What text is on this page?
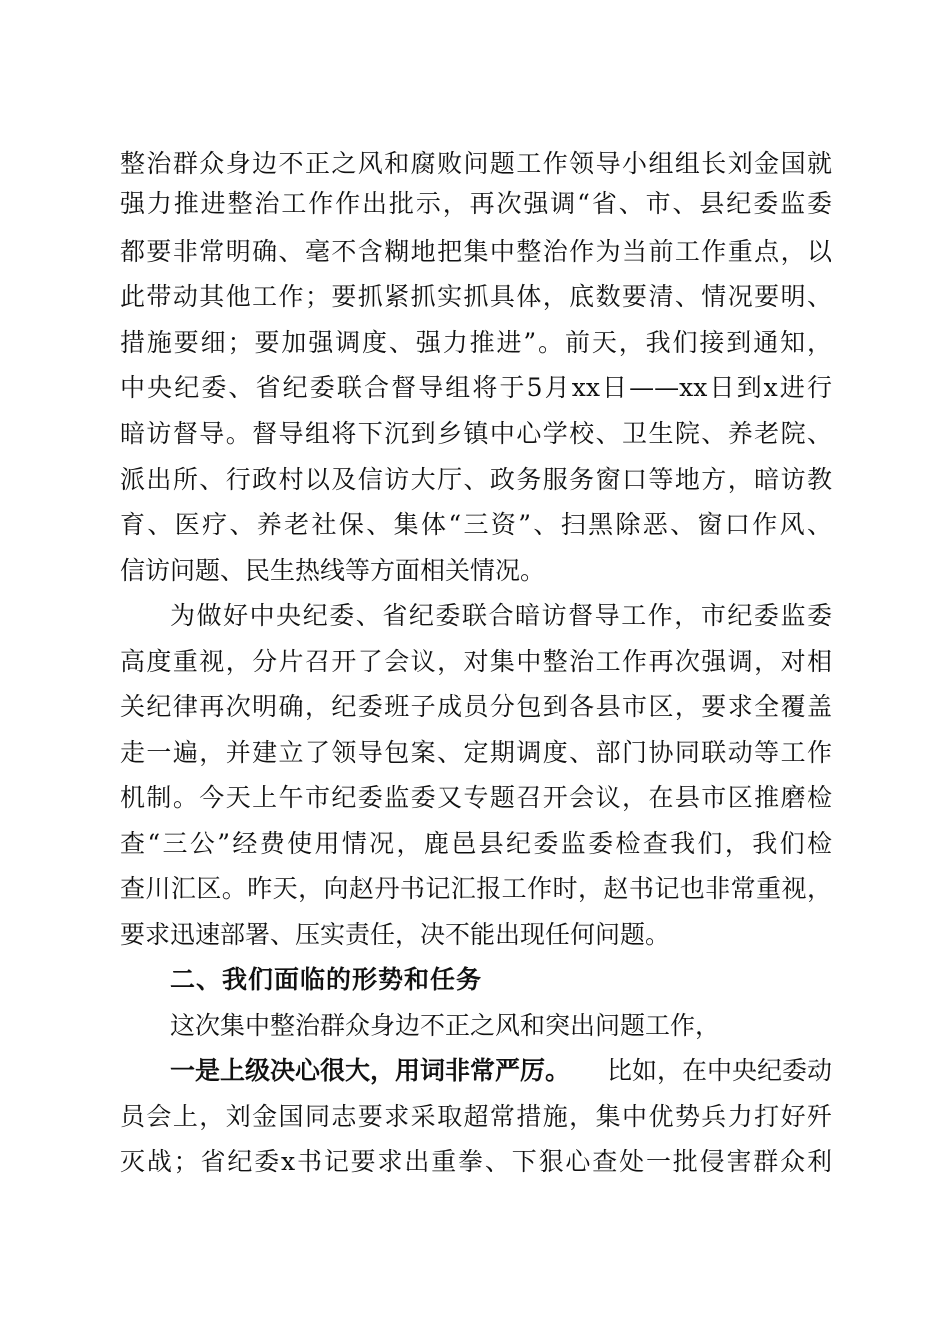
整治群众身边不正之风和腐败问题工作领导小组组长刘金国就
强力推进整治工作作出批示，再次强调“省、市、县纪委监委
都要非常明确、毫不含糊地把集中整治作为当前工作重点，以
此带动其他工作；要抓紧抓实抓具体，底数要清、情况要明、
措施要细；要加强调度、强力推进”。前天，我们接到通知，
中央纪委、省纪委联合督导组将于5月xx日——xx日到x进行
暗访督导。督导组将下沉到乡镇中心学校、卫生院、养老院、
派出所、行政村以及信访大厅、政务服务窗口等地方，暗访教
育、医疗、养老社保、集体“三资”、扫黑除恶、窗口作风、
信访问题、民生热线等方面相关情况。
为做好中央纪委、省纪委联合暗访督导工作，市纪委监委
高度重视，分片召开了会议，对集中整治工作再次强调，对相
关纪律再次明确，纪委班子成员分包到各县市区，要求全覆盖
走一遍，并建立了领导包案、定期调度、部门协同联动等工作
机制。今天上午市纪委监委又专题召开会议，在县市区推磨检
查“三公”经费使用情况，鹿邑县纪委监委检查我们，我们检
查川汇区。昨天，向赵丹书记汇报工作时，赵书记也非常重视，
要求迅速部署、压实责任，决不能出现任何问题。
二、我们面临的形势和任务
这次集中整治群众身边不正之风和突出问题工作，
一是上级决心很大，用词非常严厉。 比如，在中央纪委动
员会上，刘金国同志要求采取超常措施，集中优势兵力打好歼
灭战；省纪委x书记要求出重拳、下狠心查处一批侵害群众利
